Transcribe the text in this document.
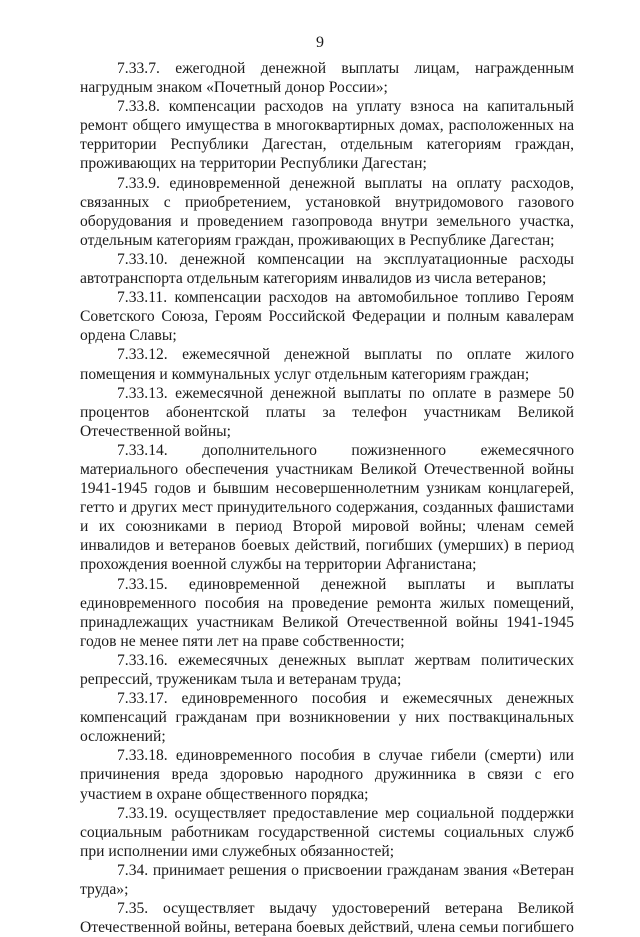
9

7.33.7. ежегодной денежной выплаты лицам, награжденным нагрудным знаком «Почетный донор России»;

7.33.8. компенсации расходов на уплату взноса на капитальный ремонт общего имущества в многоквартирных домах, расположенных на территории Республики Дагестан, отдельным категориям граждан, проживающих на территории Республики Дагестан;

7.33.9. единовременной денежной выплаты на оплату расходов, связанных с приобретением, установкой внутридомового газового оборудования и проведением газопровода внутри земельного участка, отдельным категориям граждан, проживающих в Республике Дагестан;

7.33.10. денежной компенсации на эксплуатационные расходы автотранспорта отдельным категориям инвалидов из числа ветеранов;

7.33.11. компенсации расходов на автомобильное топливо Героям Советского Союза, Героям Российской Федерации и полным кавалерам ордена Славы;

7.33.12. ежемесячной денежной выплаты по оплате жилого помещения и коммунальных услуг отдельным категориям граждан;

7.33.13. ежемесячной денежной выплаты по оплате в размере 50 процентов абонентской платы за телефон участникам Великой Отечественной войны;

7.33.14. дополнительного пожизненного ежемесячного материального обеспечения участникам Великой Отечественной войны 1941-1945 годов и бывшим несовершеннолетним узникам концлагерей, гетто и других мест принудительного содержания, созданных фашистами и их союзниками в период Второй мировой войны; членам семей инвалидов и ветеранов боевых действий, погибших (умерших) в период прохождения военной службы на территории Афганистана;

7.33.15. единовременной денежной выплаты и выплаты единовременного пособия на проведение ремонта жилых помещений, принадлежащих участникам Великой Отечественной войны 1941-1945 годов не менее пяти лет на праве собственности;

7.33.16. ежемесячных денежных выплат жертвам политических репрессий, труженикам тыла и ветеранам труда;

7.33.17. единовременного пособия и ежемесячных денежных компенсаций гражданам при возникновении у них поствакцинальных осложнений;

7.33.18. единовременного пособия в случае гибели (смерти) или причинения вреда здоровью народного дружинника в связи с его участием в охране общественного порядка;

7.33.19. осуществляет предоставление мер социальной поддержки социальным работникам государственной системы социальных служб при исполнении ими служебных обязанностей;

7.34. принимает решения о присвоении гражданам звания «Ветеран труда»;

7.35. осуществляет выдачу удостоверений ветерана Великой Отечественной войны, ветерана боевых действий, члена семьи погибшего
